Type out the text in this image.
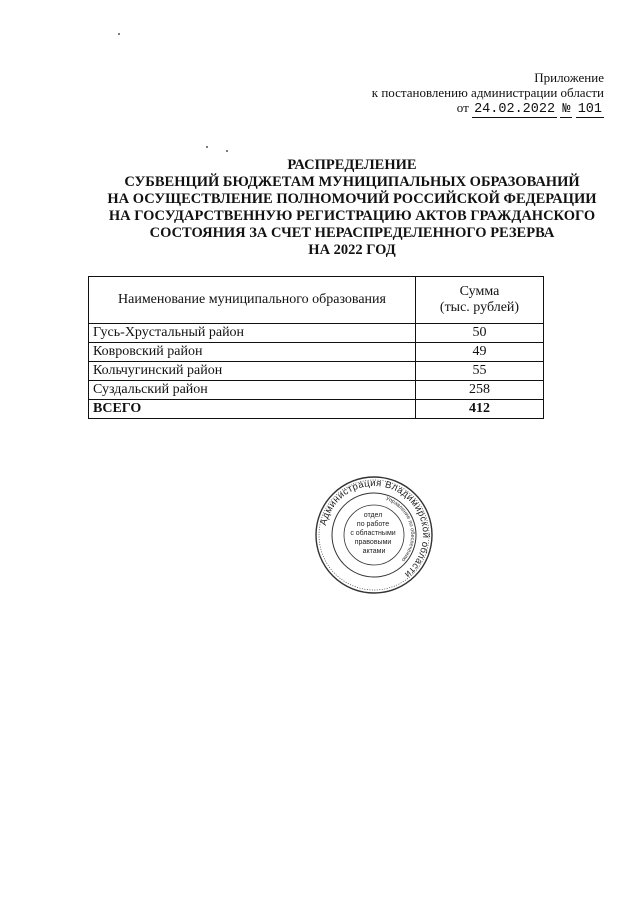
Приложение
к постановлению администрации области
от 24.02.2022 № 101
РАСПРЕДЕЛЕНИЕ
СУБВЕНЦИЙ БЮДЖЕТАМ МУНИЦИПАЛЬНЫХ ОБРАЗОВАНИЙ
НА ОСУЩЕСТВЛЕНИЕ ПОЛНОМОЧИЙ РОССИЙСКОЙ ФЕДЕРАЦИИ
НА ГОСУДАРСТВЕННУЮ РЕГИСТРАЦИЮ АКТОВ ГРАЖДАНСКОГО
СОСТОЯНИЯ ЗА СЧЕТ НЕРАСПРЕДЕЛЕННОГО РЕЗЕРВА
НА 2022 ГОД
Наименование муниципального образования	Сумма
(тыс. рублей)
Гусь-Хрустальный район	50
Ковровский район	49
Кольчугинский район	55
Суздальский район	258
ВСЕГО	412
Администрация Владимирской области
Управление по обеспечению
отдел по работе с областными правовыми актами
